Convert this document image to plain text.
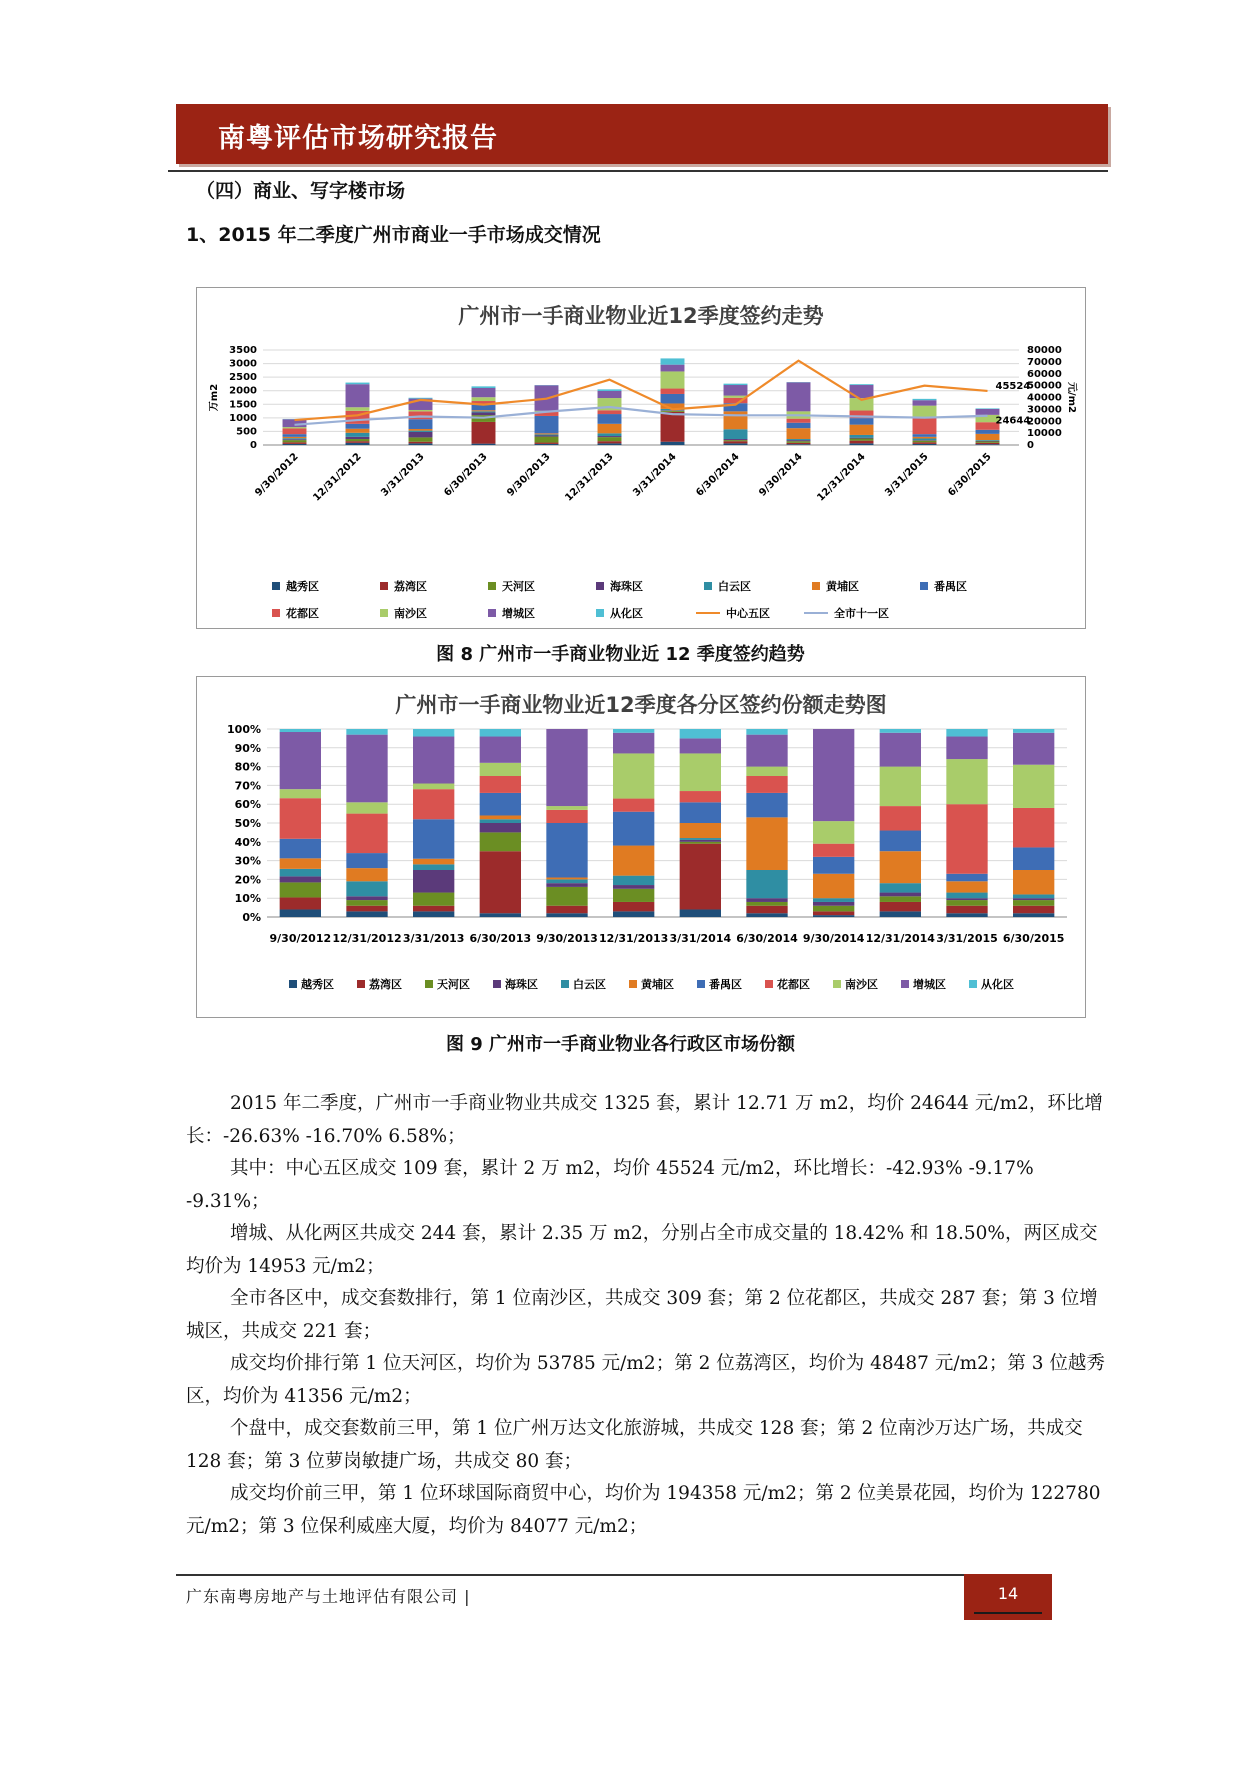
南粤评估市场研究报告
（四）商业、写字楼市场
1、2015 年二季度广州市商业一手市场成交情况
广州市一手商业物业近12季度签约走势
0
500
1000
1500
2000
2500
3000
3500
0
10000
20000
30000
40000
50000
60000
70000
80000
万m2	元/m2
9/30/2012 12/31/2012 3/31/2013 6/30/2013 9/30/2013 12/31/2013 3/31/2014 6/30/2014 9/30/2014 12/31/2014 3/31/2015 6/30/2015
45524
24644
越秀区	荔湾区	天河区	海珠区	白云区	黄埔区	番禺区
花都区	南沙区	增城区	从化区	中心五区	全市十一区
图 8 广州市一手商业物业近 12 季度签约趋势
广州市一手商业物业近12季度各分区签约份额走势图
0%
10%
20%
30%
40%
50%
60%
70%
80%
90%
100%
9/30/2012 12/31/2012 3/31/2013 6/30/2013 9/30/2013 12/31/2013 3/31/2014 6/30/2014 9/30/2014 12/31/2014 3/31/2015 6/30/2015
越秀区	荔湾区	天河区	海珠区	白云区	黄埔区	番禺区	花都区	南沙区	增城区	从化区
图 9 广州市一手商业物业各行政区市场份额

2015 年二季度，广州市一手商业物业共成交 1325 套，累计 12.71 万 m2，均价 24644 元/m2，环比增长：-26.63% -16.70% 6.58%；

其中：中心五区成交 109 套，累计 2 万 m2，均价 45524 元/m2，环比增长：-42.93% -9.17% -9.31%；

增城、从化两区共成交 244 套，累计 2.35 万 m2，分别占全市成交量的 18.42% 和 18.50%，两区成交均价为 14953 元/m2；

全市各区中，成交套数排行，第 1 位南沙区，共成交 309 套；第 2 位花都区，共成交 287 套；第 3 位增城区，共成交 221 套；

成交均价排行第 1 位天河区，均价为 53785 元/m2；第 2 位荔湾区，均价为 48487 元/m2；第 3 位越秀区，均价为 41356 元/m2；

个盘中，成交套数前三甲，第 1 位广州万达文化旅游城，共成交 128 套；第 2 位南沙万达广场，共成交 128 套；第 3 位萝岗敏捷广场，共成交 80 套；

成交均价前三甲，第 1 位环球国际商贸中心，均价为 194358 元/m2；第 2 位美景花园，均价为 122780 元/m2；第 3 位保利威座大厦，均价为 84077 元/m2；

广东南粤房地产与土地评估有限公司 |	14
